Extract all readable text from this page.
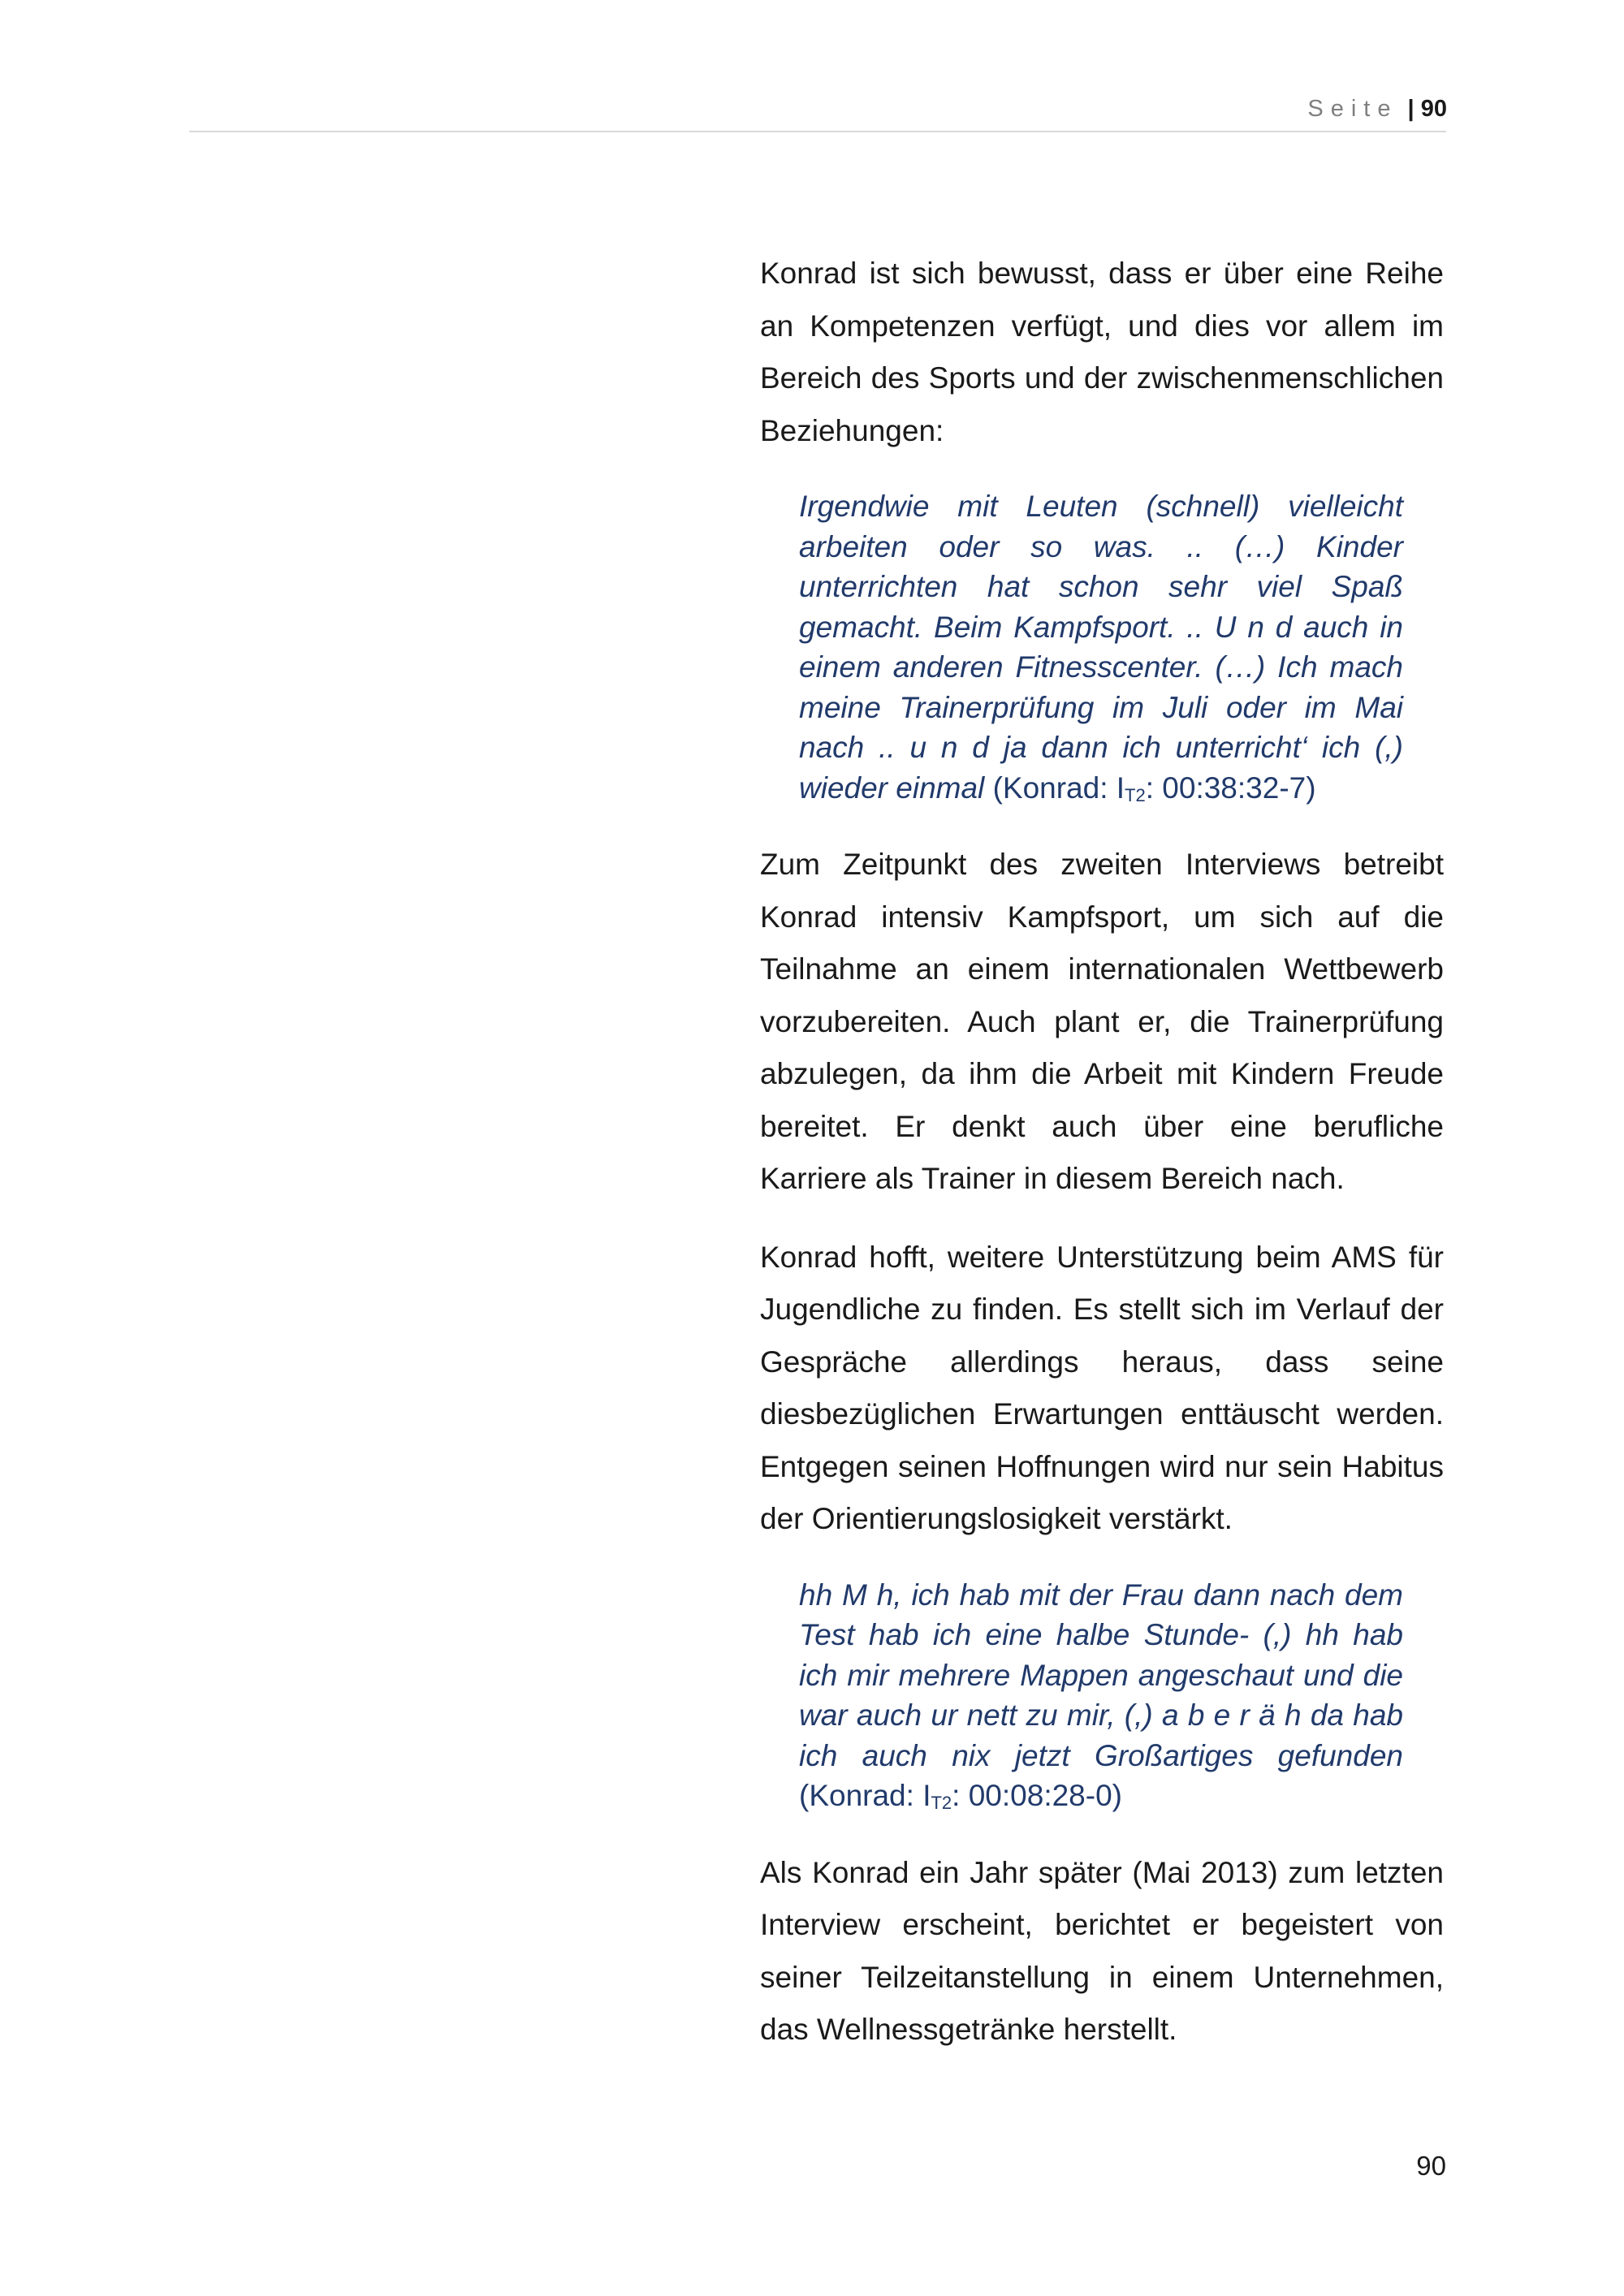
Seite | 90

Konrad ist sich bewusst, dass er über eine Reihe an Kompetenzen verfügt, und dies vor allem im Bereich des Sports und der zwischenmenschlichen Beziehungen:

Irgendwie mit Leuten (schnell) vielleicht arbeiten oder so was. .. (…) Kinder unterrichten hat schon sehr viel Spaß gemacht. Beim Kampfsport. .. U n d auch in einem anderen Fitnesscenter. (…) Ich mach meine Trainerprüfung im Juli oder im Mai nach .. u n d ja dann ich unterricht‘ ich (,) wieder einmal (Konrad: $I_{T2}$: 00:38:32-7)

Zum Zeitpunkt des zweiten Interviews betreibt Konrad intensiv Kampfsport, um sich auf die Teilnahme an einem internationalen Wettbewerb vorzubereiten. Auch plant er, die Trainerprüfung abzulegen, da ihm die Arbeit mit Kindern Freude bereitet. Er denkt auch über eine berufliche Karriere als Trainer in diesem Bereich nach.

Konrad hofft, weitere Unterstützung beim AMS für Jugendliche zu finden. Es stellt sich im Verlauf der Gespräche allerdings heraus, dass seine diesbezüglichen Erwartungen enttäuscht werden. Entgegen seinen Hoffnungen wird nur sein Habitus der Orientierungslosigkeit verstärkt.

hh M h, ich hab mit der Frau dann nach dem Test hab ich eine halbe Stunde- (,) hh hab ich mir mehrere Mappen angeschaut und die war auch ur nett zu mir, (,) a b e r ä h da hab ich auch nix jetzt Großartiges gefunden (Konrad: $I_{T2}$: 00:08:28-0)

Als Konrad ein Jahr später (Mai 2013) zum letzten Interview erscheint, berichtet er begeistert von seiner Teilzeitanstellung in einem Unternehmen, das Wellnessgetränke herstellt.

90
